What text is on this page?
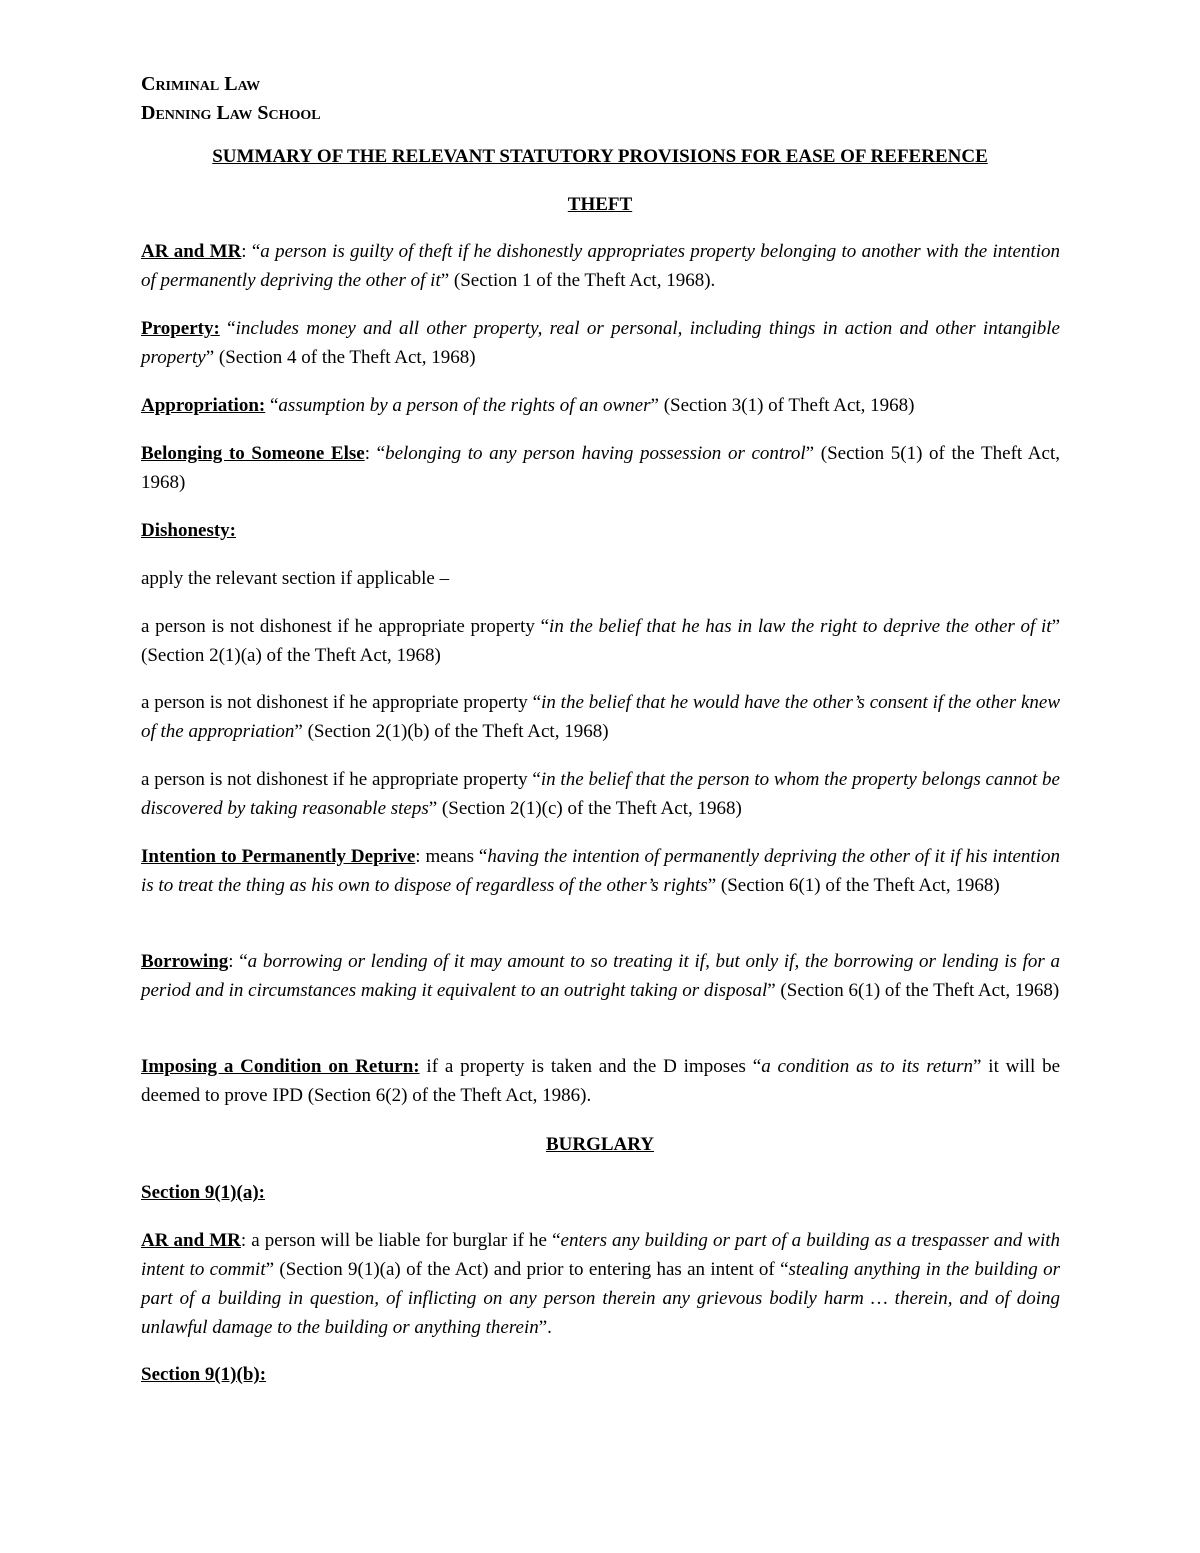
Criminal Law
Denning Law School
SUMMARY OF THE RELEVANT STATUTORY PROVISIONS FOR EASE OF REFERENCE
THEFT

AR and MR: “a person is guilty of theft if he dishonestly appropriates property belonging to another with the intention of permanently depriving the other of it” (Section 1 of the Theft Act, 1968).

Property: “includes money and all other property, real or personal, including things in action and other intangible property” (Section 4 of the Theft Act, 1968)

Appropriation: “assumption by a person of the rights of an owner” (Section 3(1) of Theft Act, 1968)

Belonging to Someone Else: “belonging to any person having possession or control” (Section 5(1) of the Theft Act, 1968)

Dishonesty:

apply the relevant section if applicable –

a person is not dishonest if he appropriate property “in the belief that he has in law the right to deprive the other of it” (Section 2(1)(a) of the Theft Act, 1968)

a person is not dishonest if he appropriate property “in the belief that he would have the other’s consent if the other knew of the appropriation” (Section 2(1)(b) of the Theft Act, 1968)

a person is not dishonest if he appropriate property “in the belief that the person to whom the property belongs cannot be discovered by taking reasonable steps” (Section 2(1)(c) of the Theft Act, 1968)

Intention to Permanently Deprive: means “having the intention of permanently depriving the other of it if his intention is to treat the thing as his own to dispose of regardless of the other’s rights” (Section 6(1) of the Theft Act, 1968)

Borrowing: “a borrowing or lending of it may amount to so treating it if, but only if, the borrowing or lending is for a period and in circumstances making it equivalent to an outright taking or disposal” (Section 6(1) of the Theft Act, 1968)

Imposing a Condition on Return: if a property is taken and the D imposes “a condition as to its return” it will be deemed to prove IPD (Section 6(2) of the Theft Act, 1986).

BURGLARY

Section 9(1)(a):

AR and MR: a person will be liable for burglar if he “enters any building or part of a building as a trespasser and with intent to commit” (Section 9(1)(a) of the Act) and prior to entering has an intent of “stealing anything in the building or part of a building in question, of inflicting on any person therein any grievous bodily harm … therein, and of doing unlawful damage to the building or anything therein”.

Section 9(1)(b):
